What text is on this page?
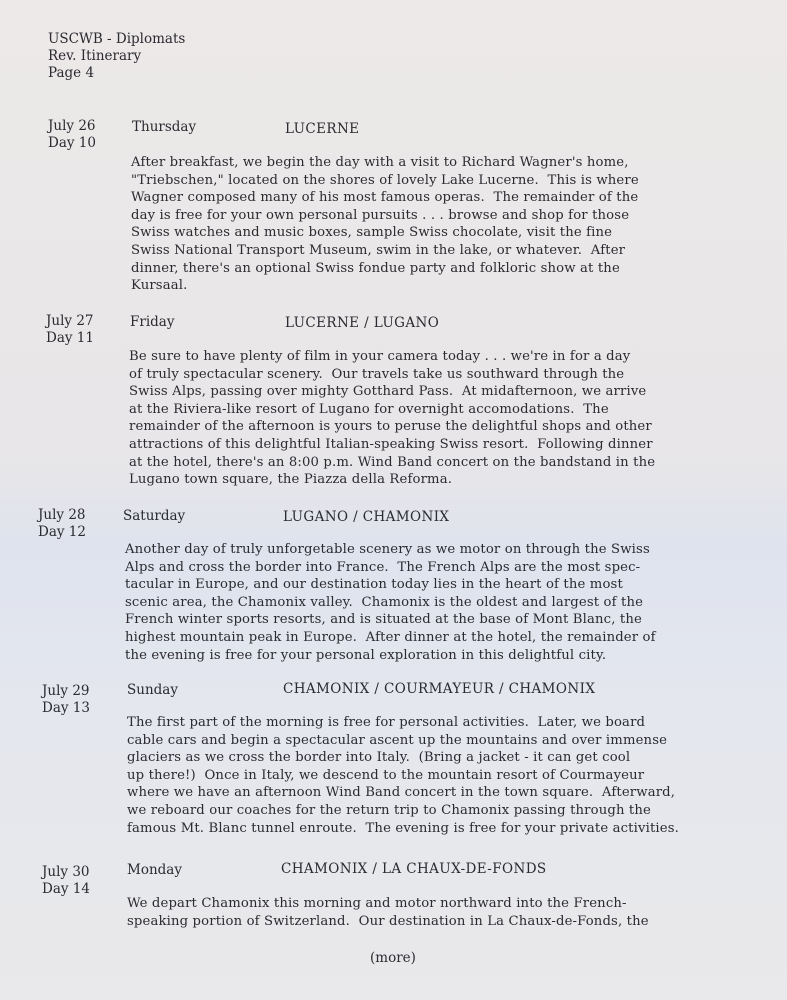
USCWB - Diplomats
Rev. Itinerary
Page 4
July 26
Day 10
Thursday	LUCERNE
After breakfast, we begin the day with a visit to Richard Wagner's home,
"Triebschen," located on the shores of lovely Lake Lucerne.  This is where
Wagner composed many of his most famous operas.  The remainder of the
day is free for your own personal pursuits . . . browse and shop for those
Swiss watches and music boxes, sample Swiss chocolate, visit the fine
Swiss National Transport Museum, swim in the lake, or whatever.  After
dinner, there's an optional Swiss fondue party and folkloric show at the
Kursaal.
July 27
Day 11
Friday	LUCERNE / LUGANO
Be sure to have plenty of film in your camera today . . . we're in for a day
of truly spectacular scenery.  Our travels take us southward through the
Swiss Alps, passing over mighty Gotthard Pass.  At midafternoon, we arrive
at the Riviera-like resort of Lugano for overnight accomodations.  The
remainder of the afternoon is yours to peruse the delightful shops and other
attractions of this delightful Italian-speaking Swiss resort.  Following dinner
at the hotel, there's an 8:00 p.m. Wind Band concert on the bandstand in the
Lugano town square, the Piazza della Reforma.
July 28
Day 12
Saturday	LUGANO / CHAMONIX
Another day of truly unforgetable scenery as we motor on through the Swiss
Alps and cross the border into France.  The French Alps are the most spec-
tacular in Europe, and our destination today lies in the heart of the most
scenic area, the Chamonix valley.  Chamonix is the oldest and largest of the
French winter sports resorts, and is situated at the base of Mont Blanc, the
highest mountain peak in Europe.  After dinner at the hotel, the remainder of
the evening is free for your personal exploration in this delightful city.
July 29
Day 13
Sunday	CHAMONIX / COURMAYEUR / CHAMONIX
The first part of the morning is free for personal activities.  Later, we board
cable cars and begin a spectacular ascent up the mountains and over immense
glaciers as we cross the border into Italy.  (Bring a jacket - it can get cool
up there!)  Once in Italy, we descend to the mountain resort of Courmayeur
where we have an afternoon Wind Band concert in the town square.  Afterward,
we reboard our coaches for the return trip to Chamonix passing through the
famous Mt. Blanc tunnel enroute.  The evening is free for your private activities.
July 30
Day 14
Monday	CHAMONIX / LA CHAUX-DE-FONDS
We depart Chamonix this morning and motor northward into the French-
speaking portion of Switzerland.  Our destination in La Chaux-de-Fonds, the
(more)
